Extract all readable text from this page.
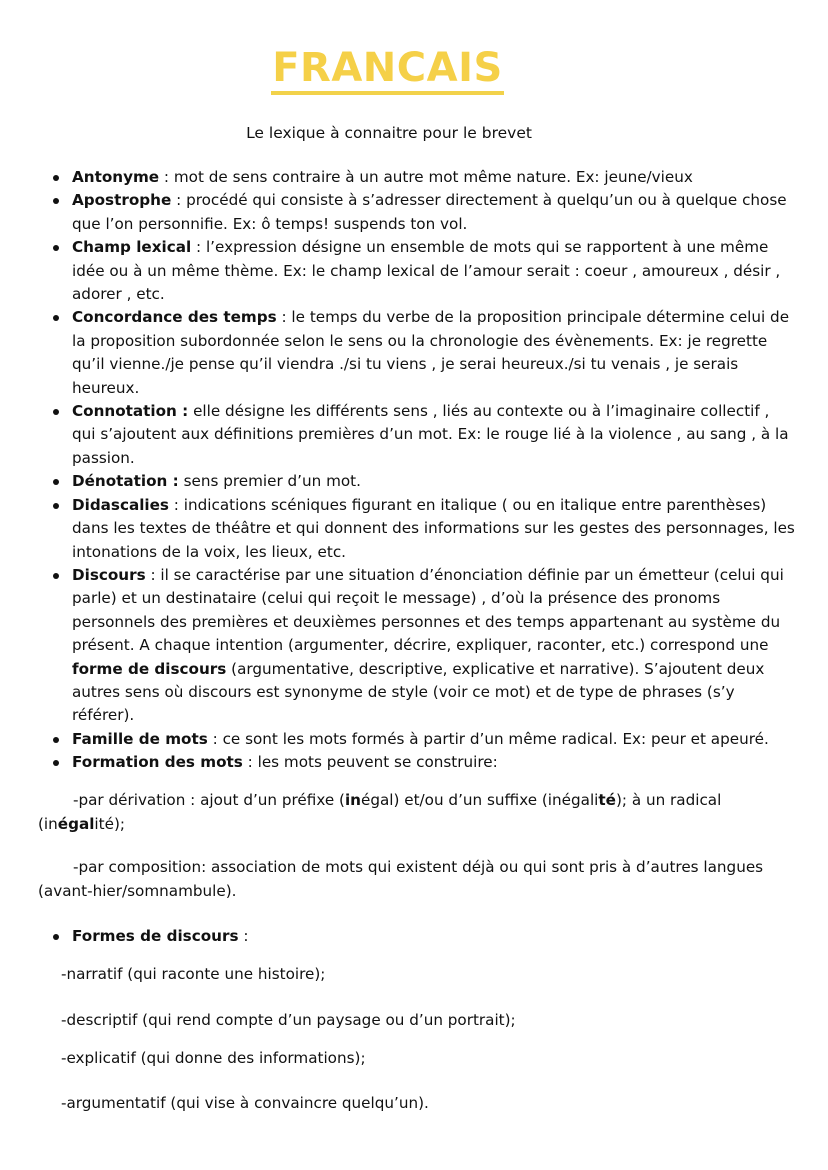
FRANCAIS
Le lexique à connaitre pour le brevet
Antonyme : mot de sens contraire à un autre mot même nature. Ex: jeune/vieux
Apostrophe : procédé qui consiste à s’adresser directement à quelqu’un ou à quelque chose que l’on personnifie. Ex: ô temps! suspends ton vol.
Champ lexical : l’expression désigne un ensemble de mots qui se rapportent à une même idée ou à un même thème. Ex: le champ lexical de l’amour serait : coeur , amoureux , désir , adorer , etc.
Concordance des temps : le temps du verbe de la proposition principale détermine celui de la proposition subordonnée selon le sens ou la chronologie des évènements. Ex: je regrette qu’il vienne./je pense qu’il viendra ./si tu viens , je serai heureux./si tu venais , je serais heureux.
Connotation : elle désigne les différents sens , liés au contexte ou à l’imaginaire collectif , qui s’ajoutent aux définitions premières d’un mot. Ex: le rouge lié à la violence , au sang , à la passion.
Dénotation : sens premier d’un mot.
Didascalies : indications scéniques figurant en italique ( ou en italique entre parenthèses) dans les textes de théâtre et qui donnent des informations sur les gestes des personnages, les intonations de la voix, les lieux, etc.
Discours : il se caractérise par une situation d’énonciation définie par un émetteur (celui qui parle) et un destinataire (celui qui reçoit le message) , d’où la présence des pronoms personnels des premières et deuxièmes personnes et des temps appartenant au système du présent. A chaque intention (argumenter, décrire, expliquer, raconter, etc.) correspond une forme de discours (argumentative, descriptive, explicative et narrative). S’ajoutent deux autres sens où discours est synonyme de style (voir ce mot) et de type de phrases (s’y référer).
Famille de mots : ce sont les mots formés à partir d’un même radical. Ex: peur et apeuré.
Formation des mots : les mots peuvent se construire:
-par dérivation : ajout d’un préfixe (inégal) et/ou d’un suffixe (inégalité); à un radical (inégalité);
-par composition: association de mots qui existent déjà ou qui sont pris à d’autres langues (avant-hier/somnambule).
Formes de discours :
-narratif (qui raconte une histoire);
-descriptif (qui rend compte d’un paysage ou d’un portrait);
-explicatif (qui donne des informations);
-argumentatif (qui vise à convaincre quelqu’un).
